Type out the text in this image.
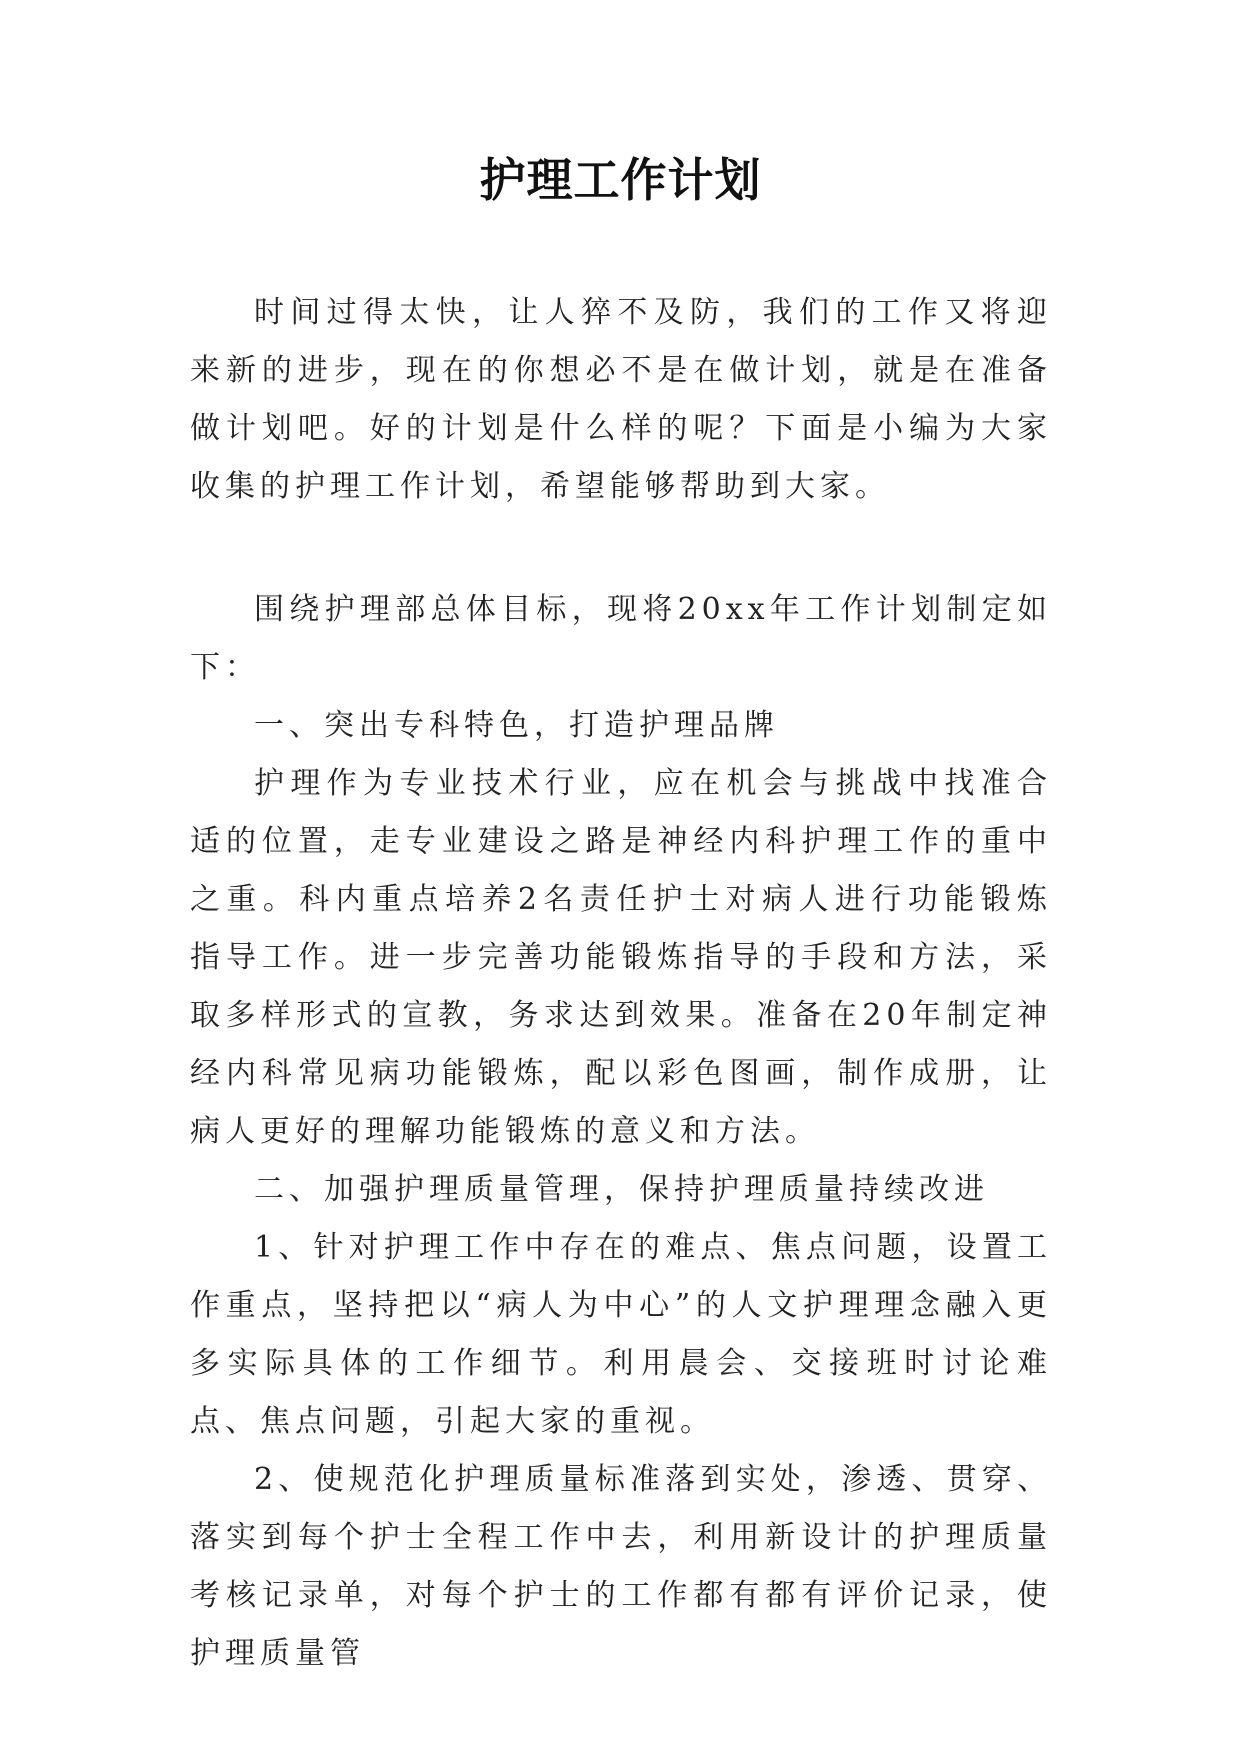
护理工作计划

时间过得太快，让人猝不及防，我们的工作又将迎来新的进步，现在的你想必不是在做计划，就是在准备做计划吧。好的计划是什么样的呢？下面是小编为大家收集的护理工作计划，希望能够帮助到大家。

围绕护理部总体目标，现将20xx年工作计划制定如下：

一、突出专科特色，打造护理品牌

护理作为专业技术行业，应在机会与挑战中找准合适的位置，走专业建设之路是神经内科护理工作的重中之重。科内重点培养2名责任护士对病人进行功能锻炼指导工作。进一步完善功能锻炼指导的手段和方法，采取多样形式的宣教，务求达到效果。准备在20年制定神经内科常见病功能锻炼，配以彩色图画，制作成册，让病人更好的理解功能锻炼的意义和方法。

二、加强护理质量管理，保持护理质量持续改进

1、针对护理工作中存在的难点、焦点问题，设置工作重点，坚持把以“病人为中心”的人文护理理念融入更多实际具体的工作细节。利用晨会、交接班时讨论难点、焦点问题，引起大家的重视。

2、使规范化护理质量标准落到实处，渗透、贯穿、落实到每个护士全程工作中去，利用新设计的护理质量考核记录单，对每个护士的工作都有都有评价记录，使护理质量管
